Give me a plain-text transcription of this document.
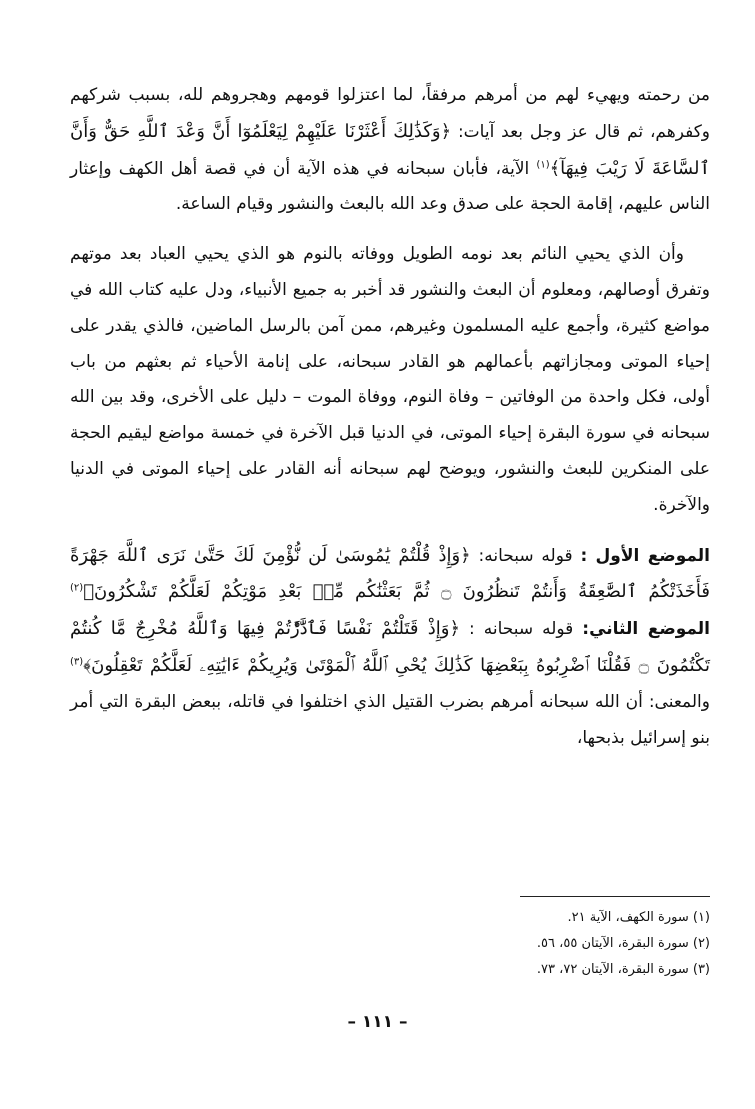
من رحمته ويهيء لهم من أمرهم مرفقاً، لما اعتزلوا قومهم وهجروهم لله، بسبب شركهم وكفرهم، ثم قال عز وجل بعد آيات: ﴿وَكَذَٰلِكَ أَعْثَرْنَا عَلَيْهِمْ لِيَعْلَمُوٓا أَنَّ وَعْدَ ٱللَّهِ حَقٌّ وَأَنَّ ٱلسَّاعَةَ لَا رَيْبَ فِيهَآ﴾$^{(١)}$ الآية، فأبان سبحانه في هذه الآية أن في قصة أهل الكهف وإعثار الناس عليهم، إقامة الحجة على صدق وعد الله بالبعث والنشور وقيام الساعة.

وأن الذي يحيي النائم بعد نومه الطويل ووفاته بالنوم هو الذي يحيي العباد بعد موتهم وتفرق أوصالهم، ومعلوم أن البعث والنشور قد أخبر به جميع الأنبياء، ودل عليه كتاب الله في مواضع كثيرة، وأجمع عليه المسلمون وغيرهم، ممن آمن بالرسل الماضين، فالذي يقدر على إحياء الموتى ومجازاتهم بأعمالهم هو القادر سبحانه، على إنامة الأحياء ثم بعثهم من باب أولى، فكل واحدة من الوفاتين – وفاة النوم، ووفاة الموت – دليل على الأخرى، وقد بين الله سبحانه في سورة البقرة إحياء الموتى، في الدنيا قبل الآخرة في خمسة مواضع ليقيم الحجة على المنكرين للبعث والنشور، ويوضح لهم سبحانه أنه القادر على إحياء الموتى في الدنيا والآخرة.

الموضع الأول : قوله سبحانه: ﴿وَإِذْ قُلْتُمْ يَٰمُوسَىٰ لَن نُّؤْمِنَ لَكَ حَتَّىٰ نَرَى ٱللَّهَ جَهْرَةً فَأَخَذَتْكُمُ ٱلصَّٰعِقَةُ وَأَنتُمْ تَنظُرُونَ ۝ ثُمَّ بَعَثْنَٰكُم مِّنۢ بَعْدِ مَوْتِكُمْ لَعَلَّكُمْ تَشْكُرُونَ﴾$^{(٢)}$ الموضع الثاني: قوله سبحانه : ﴿وَإِذْ قَتَلْتُمْ نَفْسًا فَٱدَّٰرَْٰٔتُمْ فِيهَا وَٱللَّهُ مُخْرِجٌ مَّا كُنتُمْ تَكْتُمُونَ ۝ فَقُلْنَا ٱضْرِبُوهُ بِبَعْضِهَا كَذَٰلِكَ يُحْىِ ٱللَّهُ ٱلْمَوْتَىٰ وَيُرِيكُمْ ءَايَٰتِهِۦ لَعَلَّكُمْ تَعْقِلُونَ﴾$^{(٣)}$ والمعنى: أن الله سبحانه أمرهم بضرب القتيل الذي اختلفوا في قاتله، ببعض البقرة التي أمر بنو إسرائيل بذبحها،

(١) سورة الكهف، الآية ٢١.

(٢) سورة البقرة، الآيتان ٥٥، ٥٦.

(٣) سورة البقرة، الآيتان ٧٢، ٧٣.

– ١١١ –
